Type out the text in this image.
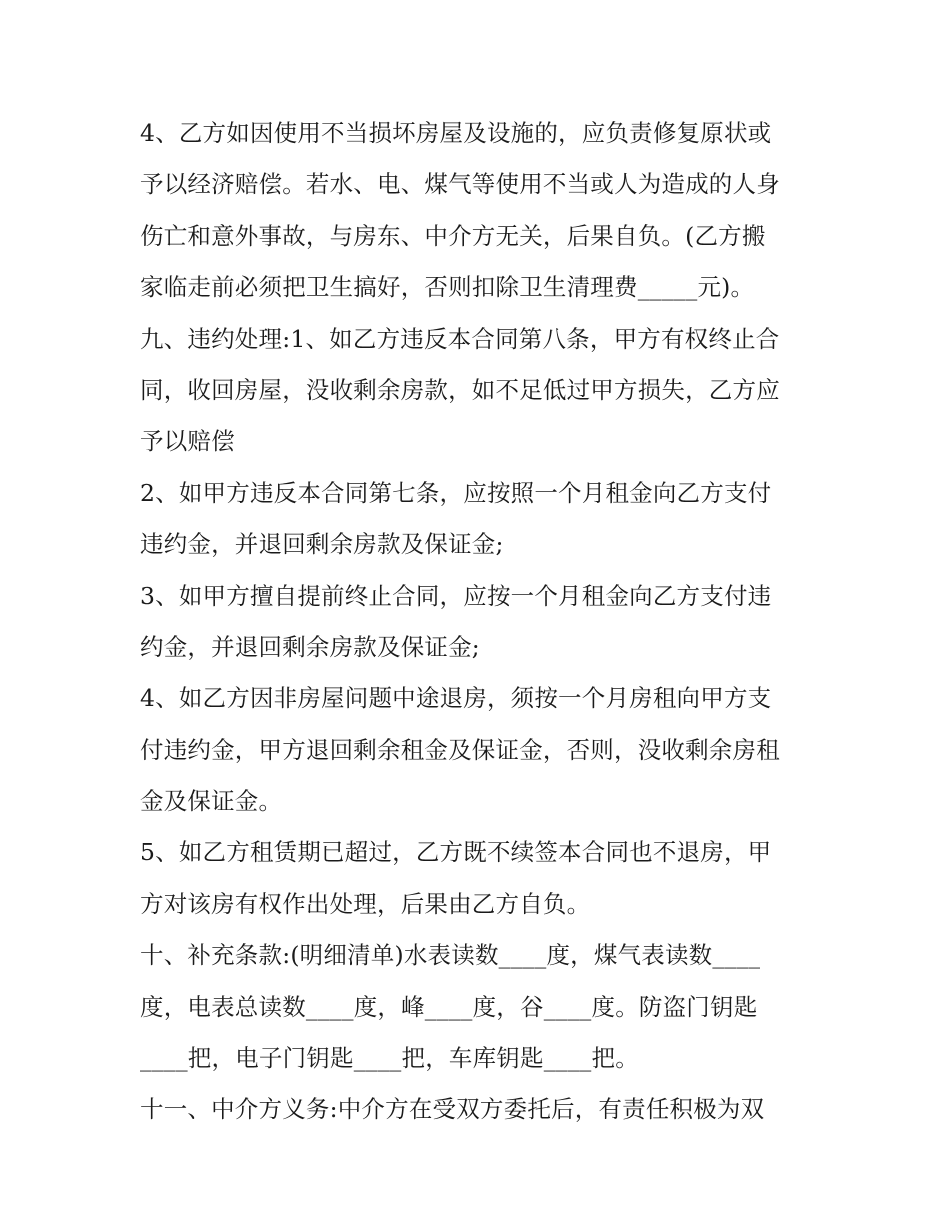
4、乙方如因使用不当损坏房屋及设施的，应负责修复原状或
予以经济赔偿。若水、电、煤气等使用不当或人为造成的人身
伤亡和意外事故，与房东、中介方无关，后果自负。(乙方搬
家临走前必须把卫生搞好，否则扣除卫生清理费_____元)。
九、违约处理:1、如乙方违反本合同第八条，甲方有权终止合
同，收回房屋，没收剩余房款，如不足低过甲方损失，乙方应
予以赔偿
2、如甲方违反本合同第七条，应按照一个月租金向乙方支付
违约金，并退回剩余房款及保证金;
3、如甲方擅自提前终止合同，应按一个月租金向乙方支付违
约金，并退回剩余房款及保证金;
4、如乙方因非房屋问题中途退房，须按一个月房租向甲方支
付违约金，甲方退回剩余租金及保证金，否则，没收剩余房租
金及保证金。
5、如乙方租赁期已超过，乙方既不续签本合同也不退房，甲
方对该房有权作出处理，后果由乙方自负。
十、补充条款:(明细清单)水表读数____度，煤气表读数____
度，电表总读数____度，峰____度，谷____度。防盗门钥匙
____把，电子门钥匙____把，车库钥匙____把。
十一、中介方义务:中介方在受双方委托后，有责任积极为双
